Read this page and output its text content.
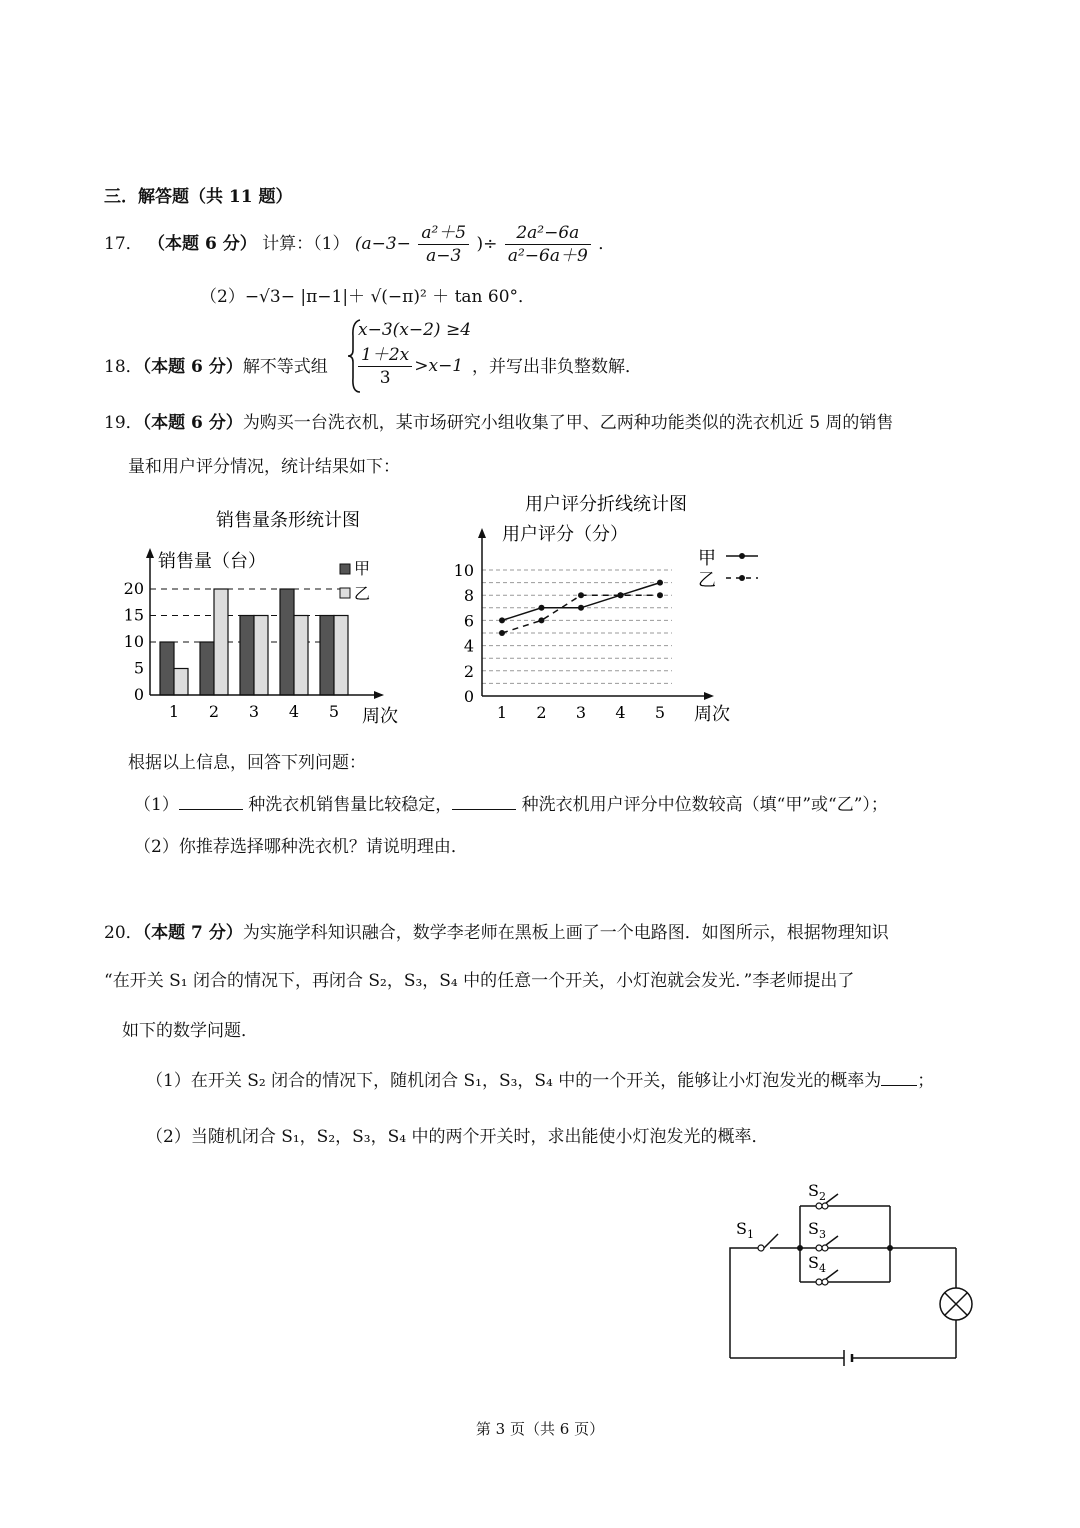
三．解答题（共 11 题）
17． （本题 6 分） 计算：（1） ($a-3- \frac{\text{a²＋5}}{a-3}$ )÷ $\frac{\text{2a²−6a}}{\text{a²−6a＋9}}$ ．
（2）−√3− |π−1|＋ √(−π)² ＋ tan 60°．
18．（本题 6 分）解不等式组
x−3(x−2) ≥4
$\frac{1+2x}{3} >x-1$ ，并写出非负整数解．
19．（本题 6 分）为购买一台洗衣机，某市场研究小组收集了甲、乙两种功能类似的洗衣机近 5 周的销售
量和用户评分情况，统计结果如下：
销售量条形统计图
销售量（台）
周次
0
5
10
15
20
1 2 3 4 5
甲
乙
用户评分折线统计图
用户评分（分）
周次
0
2
4
6
8
10
1 2 3 4 5
甲
乙
根据以上信息，回答下列问题：
（1）	种洗衣机销售量比较稳定，	种洗衣机用户评分中位数较高（填“甲”或“乙”）；
（2）你推荐选择哪种洗衣机？请说明理由．
20．（本题 7 分）为实施学科知识融合，数学李老师在黑板上画了一个电路图．如图所示，根据物理知识
“在开关 S₁ 闭合的情况下，再闭合 S₂，S₃，S₄ 中的任意一个开关，小灯泡就会发光．”李老师提出了
如下的数学问题．
（1）在开关 S₂ 闭合的情况下，随机闭合 S₁，S₃，S₄ 中的一个开关，能够让小灯泡发光的概率为 ；
（2）当随机闭合 S₁，S₂，S₃，S₄ 中的两个开关时，求出能使小灯泡发光的概率．
$S_1$
$S_2$
$S_3$
$S_4$
第 3 页（共 6 页）
